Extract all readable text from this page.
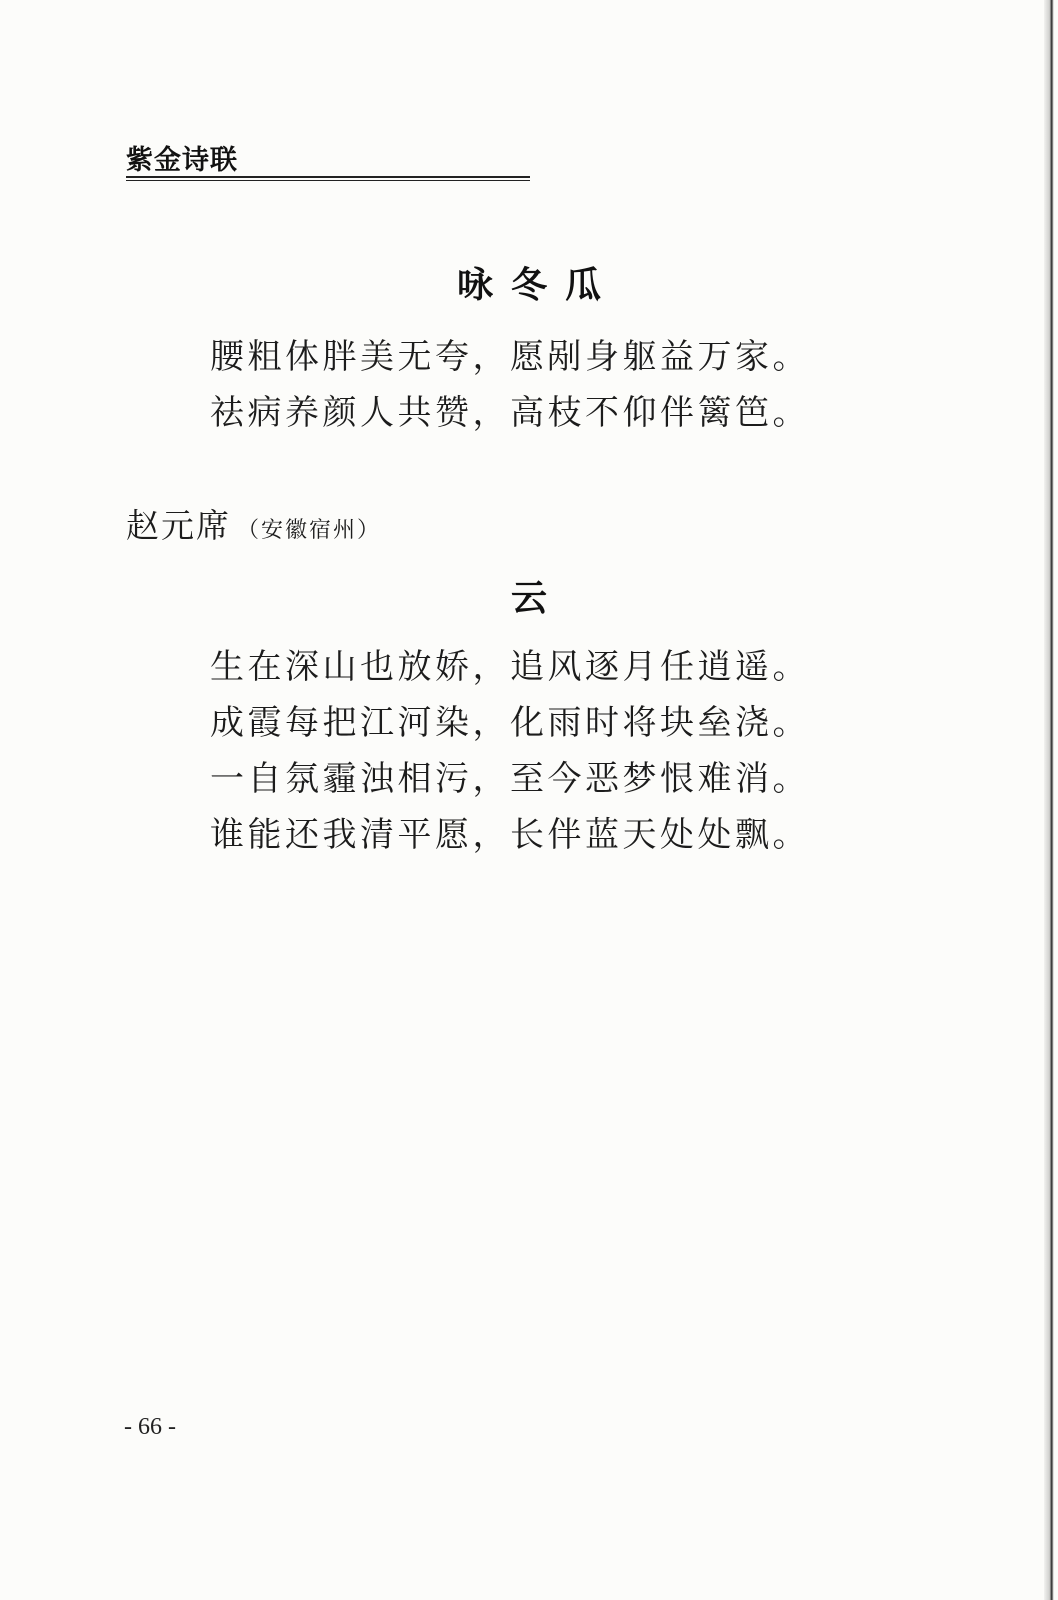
紫金诗联
咏冬瓜
腰粗体胖美无夸，愿剐身躯益万家。
祛病养颜人共赞，高枝不仰伴篱笆。
赵元席 （安徽宿州）
云
生在深山也放娇，追风逐月任逍遥。
成霞每把江河染，化雨时将块垒浇。
一自氛霾浊相污，至今恶梦恨难消。
谁能还我清平愿，长伴蓝天处处飘。
- 66 -
